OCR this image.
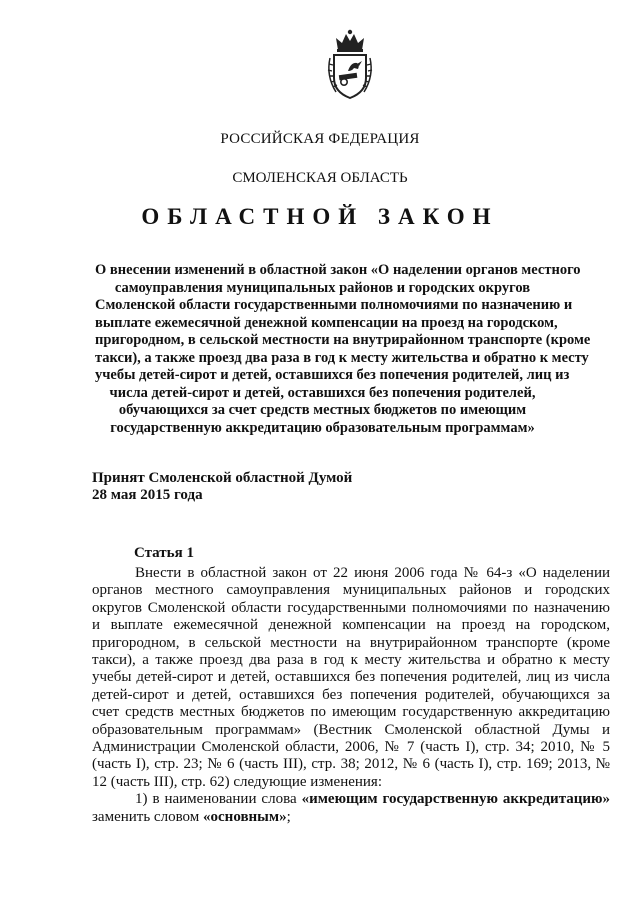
РОССИЙСКАЯ ФЕДЕРАЦИЯ
СМОЛЕНСКАЯ ОБЛАСТЬ
ОБЛАСТНОЙ ЗАКОН
О внесении изменений в областной закон «О наделении органов местного
самоуправления муниципальных районов и городских округов
Смоленской области государственными полномочиями по назначению и
выплате ежемесячной денежной компенсации на проезд на городском,
пригородном, в сельской местности на внутрирайонном транспорте (кроме
такси), а также проезд два раза в год к месту жительства и обратно к месту
учебы детей-сирот и детей, оставшихся без попечения родителей, лиц из
числа детей-сирот и детей, оставшихся без попечения родителей,
обучающихся за счет средств местных бюджетов по имеющим
государственную аккредитацию образовательным программам»
Принят Смоленской областной Думой
28 мая 2015 года
Статья 1
Внести в областной закон от 22 июня 2006 года № 64-з «О наделении
органов местного самоуправления муниципальных районов и городских
округов Смоленской области государственными полномочиями по назначению
и выплате ежемесячной денежной компенсации на проезд на городском,
пригородном, в сельской местности на внутрирайонном транспорте (кроме
такси), а также проезд два раза в год к месту жительства и обратно к месту
учебы детей-сирот и детей, оставшихся без попечения родителей, лиц из числа
детей-сирот и детей, оставшихся без попечения родителей, обучающихся за
счет средств местных бюджетов по имеющим государственную аккредитацию
образовательным программам» (Вестник Смоленской областной Думы и
Администрации Смоленской области, 2006, № 7 (часть I), стр. 34; 2010, № 5
(часть I), стр. 23; № 6 (часть III), стр. 38; 2012, № 6 (часть I), стр. 169; 2013, №
12 (часть III), стр. 62) следующие изменения:
1) в наименовании слова «имеющим государственную аккредитацию»
заменить словом «основным»;
